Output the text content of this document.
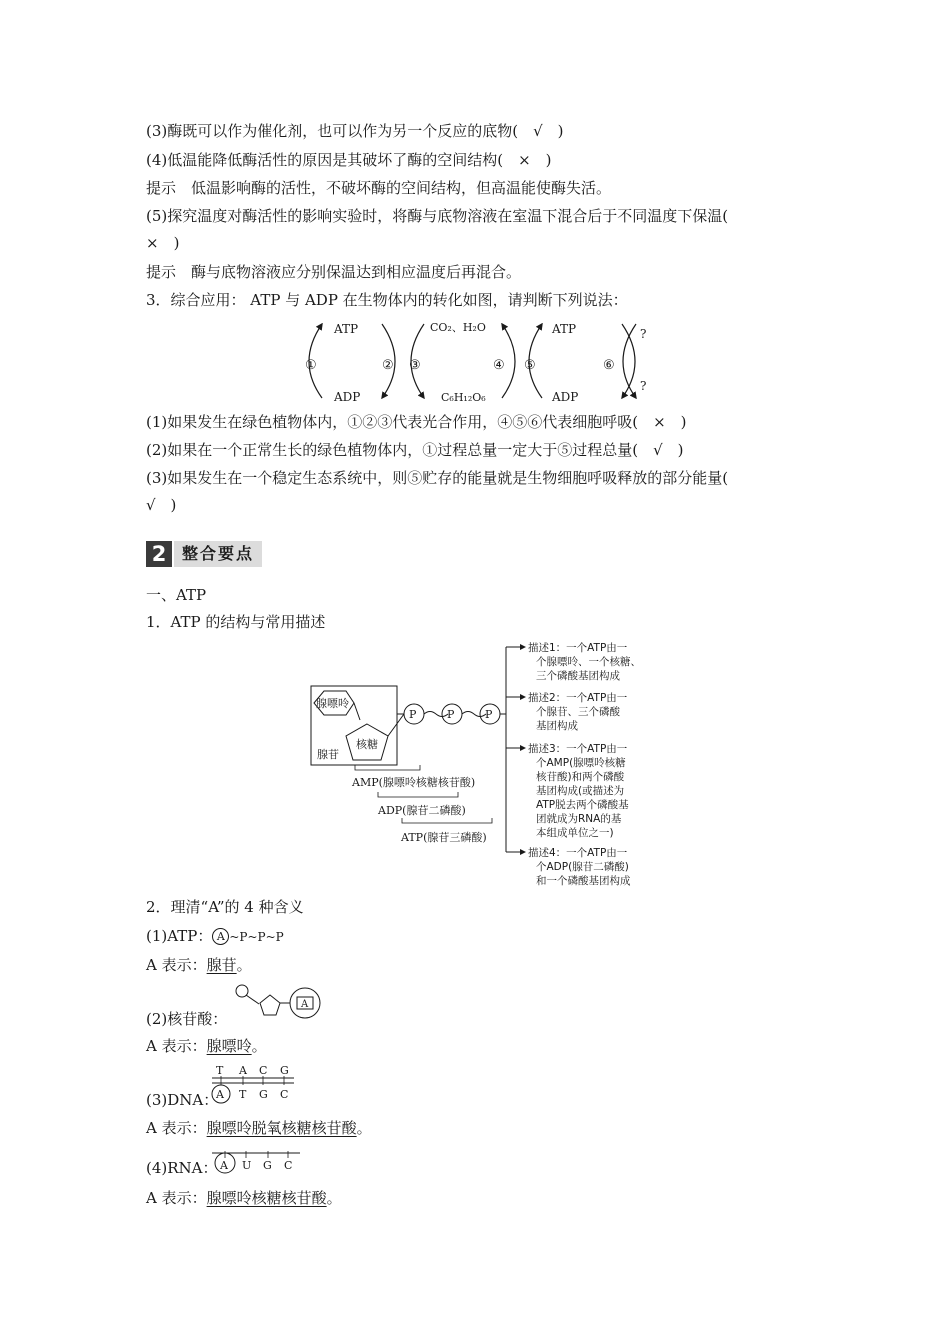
(3)酶既可以作为催化剂，也可以作为另一个反应的底物(　√　)
(4)低温能降低酶活性的原因是其破坏了酶的空间结构(　×　)
提示　低温影响酶的活性，不破坏酶的空间结构，但高温能使酶失活。
(5)探究温度对酶活性的影响实验时，将酶与底物溶液在室温下混合后于不同温度下保温(
×　)
提示　酶与底物溶液应分别保温达到相应温度后再混合。
3．综合应用： ATP 与 ADP 在生物体内的转化如图，请判断下列说法：
ATP
ADP
①	②
CO₂、H₂O
C₆H₁₂O₆
③	④
ATP
ADP
⑤	⑥
?
?
(1)如果发生在绿色植物体内，①②③代表光合作用，④⑤⑥代表细胞呼吸(　×　)
(2)如果在一个正常生长的绿色植物体内，①过程总量一定大于⑤过程总量(　√　)
(3)如果发生在一个稳定生态系统中，则⑤贮存的能量就是生物细胞呼吸释放的部分能量(
√　)
2 整合要点
一、ATP
1．ATP 的结构与常用描述
腺嘌呤
核糖
腺苷
P	P	P
AMP(腺嘌呤核糖核苷酸)
ADP(腺苷二磷酸)
ATP(腺苷三磷酸)
描述1：一个ATP由一
个腺嘌呤、一个核糖、
三个磷酸基团构成
描述2：一个ATP由一
个腺苷、三个磷酸
基团构成
描述3：一个ATP由一
个AMP(腺嘌呤核糖
核苷酸)和两个磷酸
基团构成(或描述为
ATP脱去两个磷酸基
团就成为RNA的基
本组成单位之一)
描述4：一个ATP由一
个ADP(腺苷二磷酸)
和一个磷酸基团构成
2．理清“A”的 4 种含义
(1)ATP： A ~P~P~P
A 表示：腺苷。
A
(2)核苷酸：
A 表示：腺嘌呤。
T A C G
A T G C
(3)DNA：
A 表示：腺嘌呤脱氧核糖核苷酸。
A U G C
(4)RNA：
A 表示：腺嘌呤核糖核苷酸。
